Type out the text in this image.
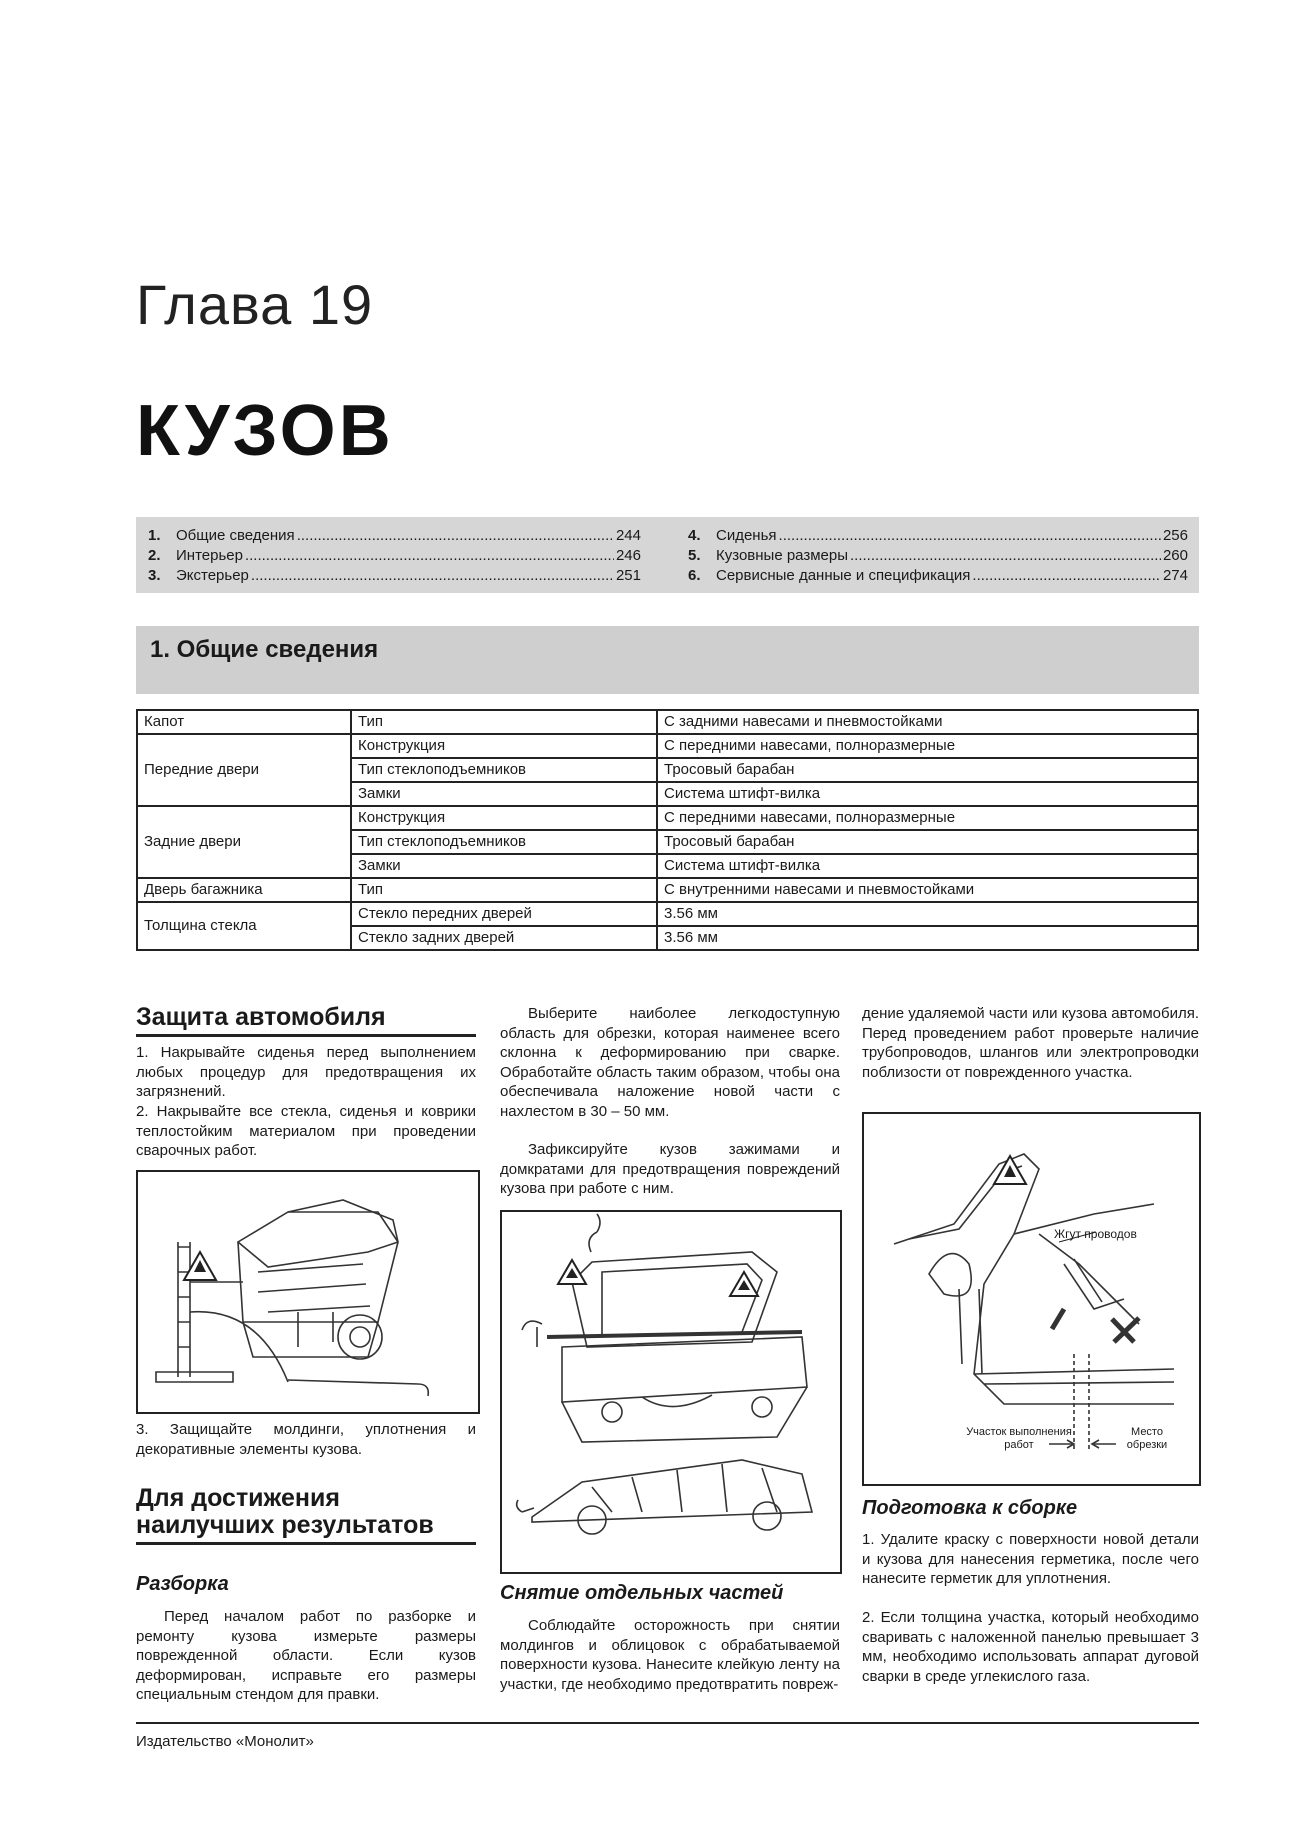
Глава 19
КУЗОВ
1.	Общие сведения .....	244
2.	Интерьер .....	246
3.	Экстерьер .....	251
4.	Сиденья .....	256
5.	Кузовные размеры .....	260
6.	Сервисные данные и спецификация .....	274
1. Общие сведения
Капот	Тип	С задними навесами и пневмостойками
Передние двери	Конструкция	С передними навесами, полноразмерные
	Тип стеклоподъемников	Тросовый барабан
	Замки	Система штифт-вилка
Задние двери	Конструкция	С передними навесами, полноразмерные
	Тип стеклоподъемников	Тросовый барабан
	Замки	Система штифт-вилка
Дверь багажника	Тип	С внутренними навесами и пневмостойками
Толщина стекла	Стекло передних дверей	3.56 мм
	Стекло задних дверей	3.56 мм
Защита автомобиля
1. Накрывайте сиденья перед выполнением любых процедур для предотвращения их загрязнений.
2. Накрывайте все стекла, сиденья и коврики теплостойким материалом при проведении сварочных работ.
3. Защищайте молдинги, уплотнения и декоративные элементы кузова.
Для достижения наилучших результатов
Разборка
Перед началом работ по разборке и ремонту кузова измерьте размеры поврежденной области. Если кузов деформирован, исправьте его размеры специальным стендом для правки.
Выберите наиболее легкодоступную область для обрезки, которая наименее всего склонна к деформированию при сварке. Обработайте область таким образом, чтобы она обеспечивала наложение новой части с нахлестом в 30 – 50 мм.
Зафиксируйте кузов зажимами и домкратами для предотвращения повреждений кузова при работе с ним.
Снятие отдельных частей
Соблюдайте осторожность при снятии молдингов и облицовок с обрабатываемой поверхности кузова. Нанесите клейкую ленту на участки, где необходимо предотвратить повреж-
дение удаляемой части или кузова автомобиля. Перед проведением работ проверьте наличие трубопроводов, шлангов или электропроводки поблизости от поврежденного участка.
Жгут проводов
Участок выполнения работ
Место обрезки
Подготовка к сборке
1. Удалите краску с поверхности новой детали и кузова для нанесения герметика, после чего нанесите герметик для уплотнения.
2. Если толщина участка, который необходимо сваривать с наложенной панелью превышает 3 мм, необходимо использовать аппарат дуговой сварки в среде углекислого газа.
Издательство «Монолит»
